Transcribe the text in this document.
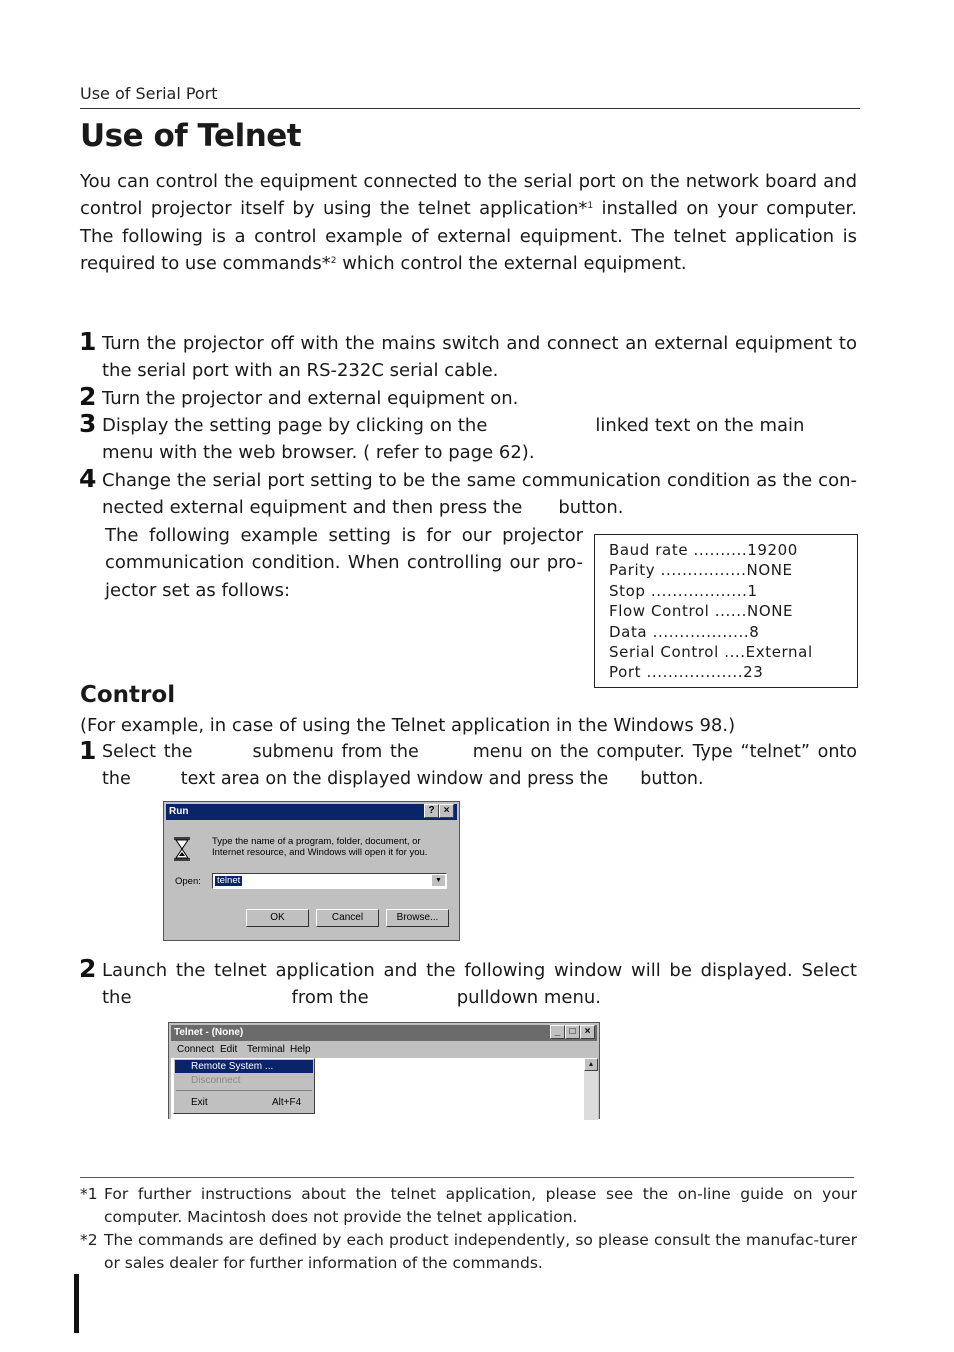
Use of Serial Port
Use of Telnet
You can control the equipment connected to the serial port on the network board and control projector itself by using the telnet application*$^1$ installed on your computer. The following is a control example of external equipment. The telnet application is required to use commands*$^2$ which control the external equipment.
1 Turn the projector off with the mains switch and connect an external equipment to the serial port with an RS-232C serial cable.
2 Turn the projector and external equipment on.
3 Display the setting page by clicking on the	linked text on the main menu with the web browser. ( refer to page 62).
4 Change the serial port setting to be the same communication condition as the con-nected external equipment and then press the button.
The following example setting is for our projector communication condition. When controlling our pro-jector set as follows:
Baud rate ..........19200
Parity ................NONE
Stop ..................1
Flow Control ......NONE
Data ..................8
Serial Control ....External
Port ..................23
Control
(For example, in case of using the Telnet application in the Windows 98.)
1 Select the	submenu from the	menu on the computer. Type “telnet” onto the	text area on the displayed window and press the button.
Run	? ×
Type the name of a program, folder, document, or Internet resource, and Windows will open it for you.
Open: telnet	▼
OK	Cancel	Browse...
2 Launch the telnet application and the following window will be displayed. Select the	from the	pulldown menu.
Telnet - (None)	_ □ ×
Connect Edit Terminal Help
▲
Remote System ...
Disconnect
Exit	Alt+F4
*1 For further instructions about the telnet application, please see the on-line guide on your computer. Macintosh does not provide the telnet application.
*2 The commands are defined by each product independently, so please consult the manufac-turer or sales dealer for further information of the commands.
